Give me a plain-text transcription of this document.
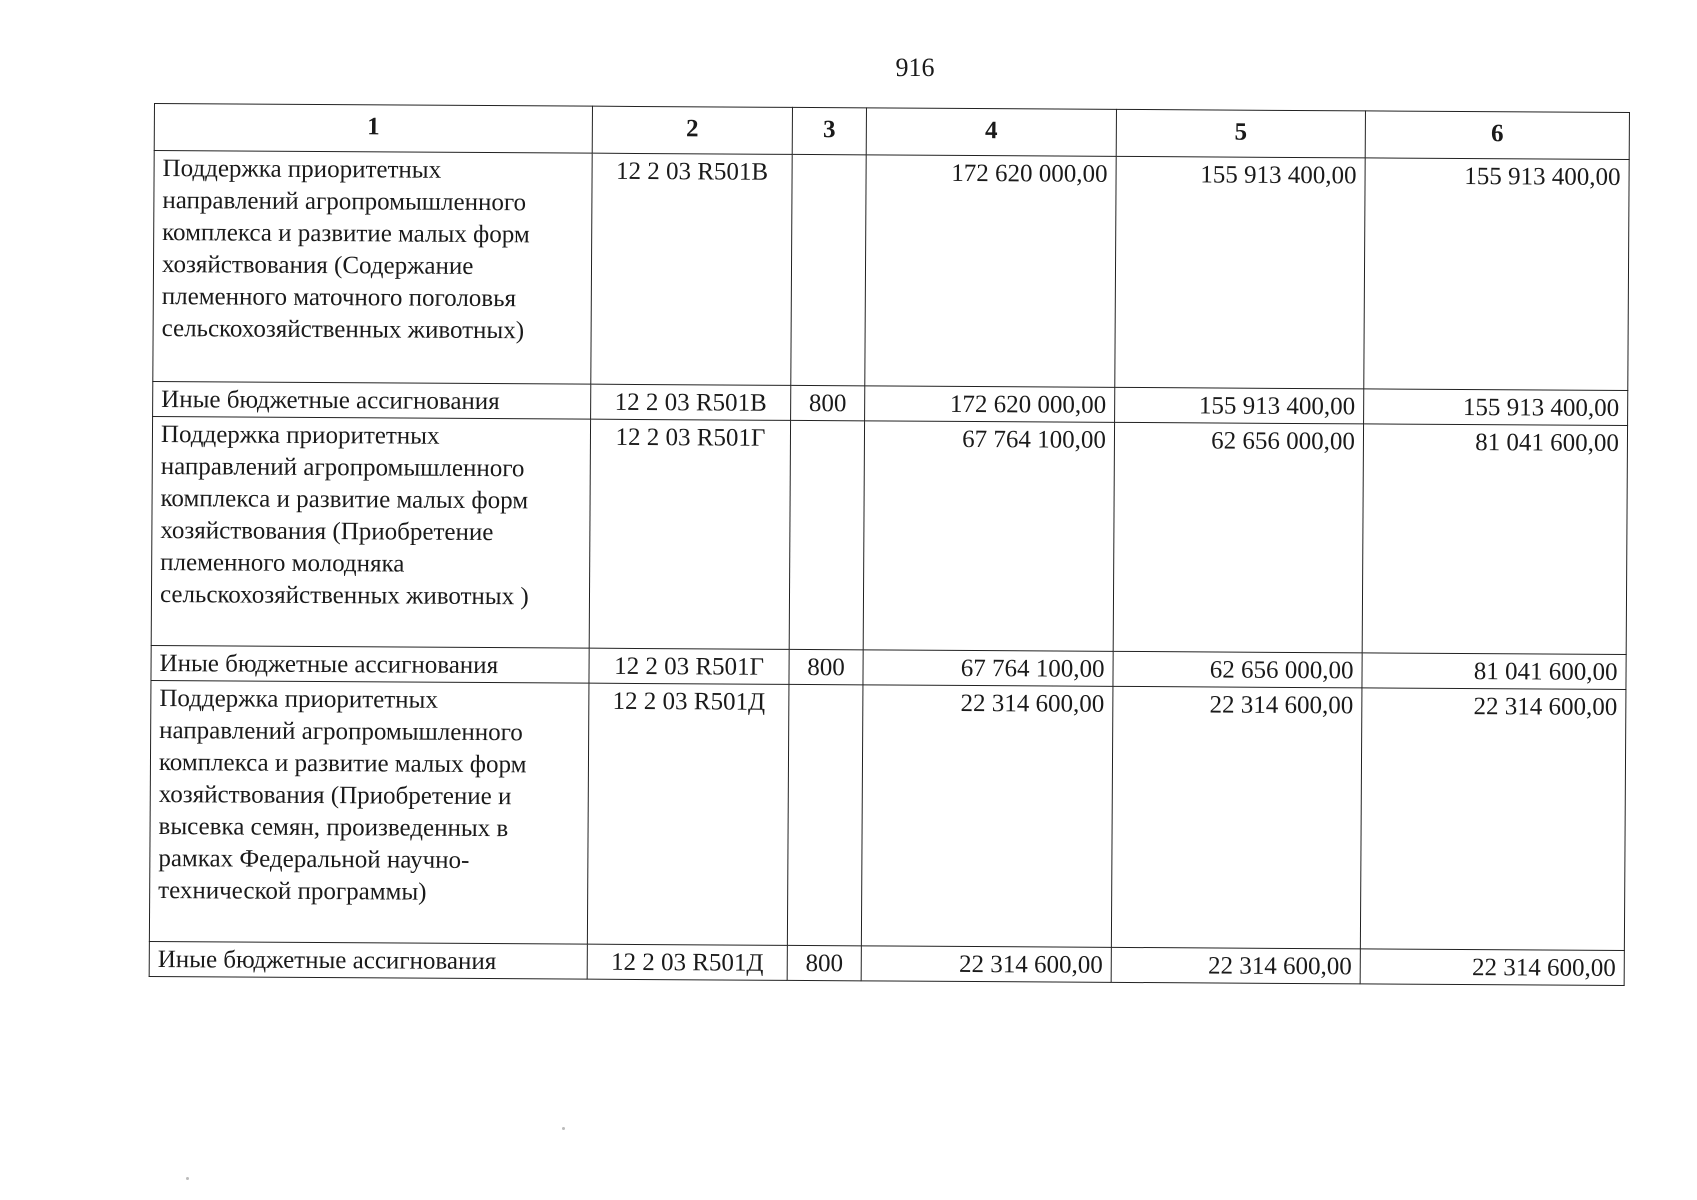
916
1	2	3	4	5	6
Поддержка приоритетных направлений агропромышленного комплекса и развитие малых форм хозяйствования (Содержание племенного маточного поголовья сельскохозяйственных животных)	12 2 03 R501В		172 620 000,00	155 913 400,00	155 913 400,00
Иные бюджетные ассигнования	12 2 03 R501В	800	172 620 000,00	155 913 400,00	155 913 400,00
Поддержка приоритетных направлений агропромышленного комплекса и развитие малых форм хозяйствования (Приобретение племенного молодняка сельскохозяйственных животных )	12 2 03 R501Г		67 764 100,00	62 656 000,00	81 041 600,00
Иные бюджетные ассигнования	12 2 03 R501Г	800	67 764 100,00	62 656 000,00	81 041 600,00
Поддержка приоритетных направлений агропромышленного комплекса и развитие малых форм хозяйствования (Приобретение и высевка семян, произведенных в рамках Федеральной научно-технической программы)	12 2 03 R501Д		22 314 600,00	22 314 600,00	22 314 600,00
Иные бюджетные ассигнования	12 2 03 R501Д	800	22 314 600,00	22 314 600,00	22 314 600,00
